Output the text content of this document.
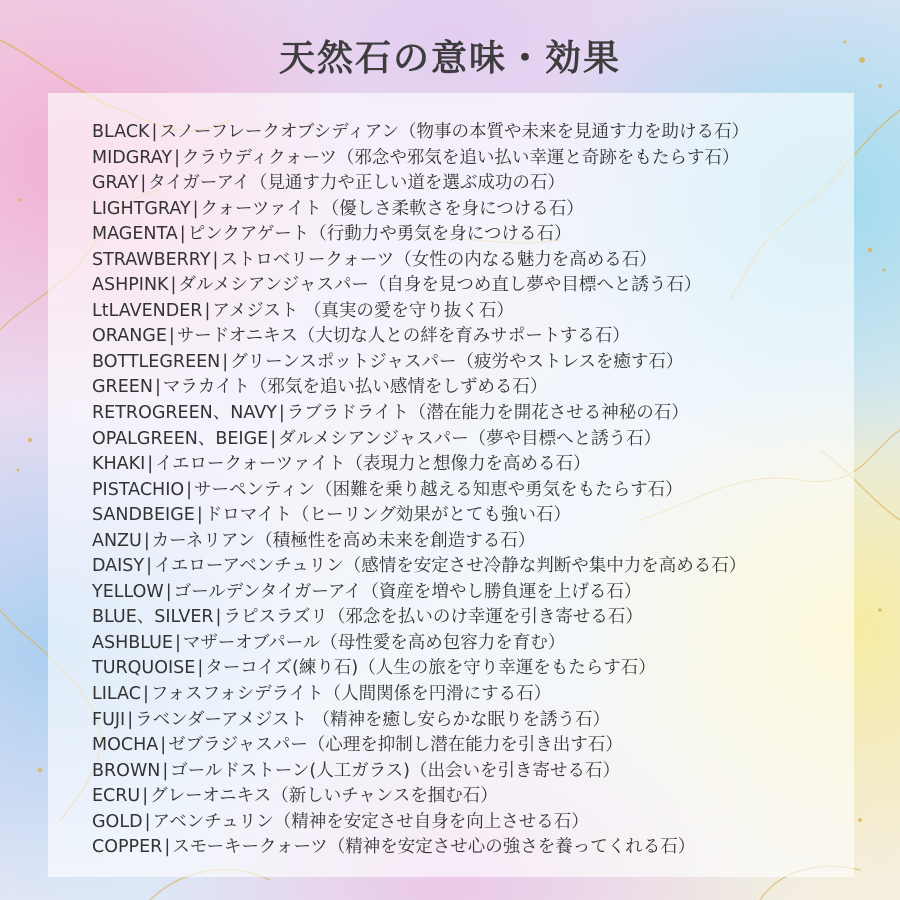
天然石の意味・効果
BLACK | スノーフレークオブシディアン（物事の本質や未来を見通す力を助ける石）
MIDGRAY | クラウディクォーツ（邪念や邪気を追い払い幸運と奇跡をもたらす石）
GRAY | タイガーアイ（見通す力や正しい道を選ぶ成功の石）
LIGHTGRAY | クォーツァイト（優しさ柔軟さを身につける石）
MAGENTA | ピンクアゲート（行動力や勇気を身につける石）
STRAWBERRY | ストロベリークォーツ（女性の内なる魅力を高める石）
ASHPINK | ダルメシアンジャスパー（自身を見つめ直し夢や目標へと誘う石）
LtLAVENDER | アメジスト （真実の愛を守り抜く石）
ORANGE | サードオニキス（大切な人との絆を育みサポートする石）
BOTTLEGREEN | グリーンスポットジャスパー（疲労やストレスを癒す石）
GREEN | マラカイト（邪気を追い払い感情をしずめる石）
RETROGREEN、NAVY | ラブラドライト（潜在能力を開花させる神秘の石）
OPALGREEN、BEIGE | ダルメシアンジャスパー（夢や目標へと誘う石）
KHAKI | イエロークォーツァイト（表現力と想像力を高める石）
PISTACHIO | サーペンティン（困難を乗り越える知恵や勇気をもたらす石）
SANDBEIGE | ドロマイト（ヒーリング効果がとても強い石）
ANZU | カーネリアン（積極性を高め未来を創造する石）
DAISY | イエローアベンチュリン（感情を安定させ冷静な判断や集中力を高める石）
YELLOW | ゴールデンタイガーアイ（資産を増やし勝負運を上げる石）
BLUE、SILVER | ラピスラズリ（邪念を払いのけ幸運を引き寄せる石）
ASHBLUE | マザーオブパール（母性愛を高め包容力を育む）
TURQUOISE | ターコイズ(練り石)（人生の旅を守り幸運をもたらす石）
LILAC | フォスフォシデライト（人間関係を円滑にする石）
FUJI | ラベンダーアメジスト （精神を癒し安らかな眠りを誘う石）
MOCHA | ゼブラジャスパー（心理を抑制し潜在能力を引き出す石）
BROWN | ゴールドストーン(人工ガラス)（出会いを引き寄せる石）
ECRU | グレーオニキス（新しいチャンスを掴む石）
GOLD | アベンチュリン（精神を安定させ自身を向上させる石）
COPPER | スモーキークォーツ（精神を安定させ心の強さを養ってくれる石）
